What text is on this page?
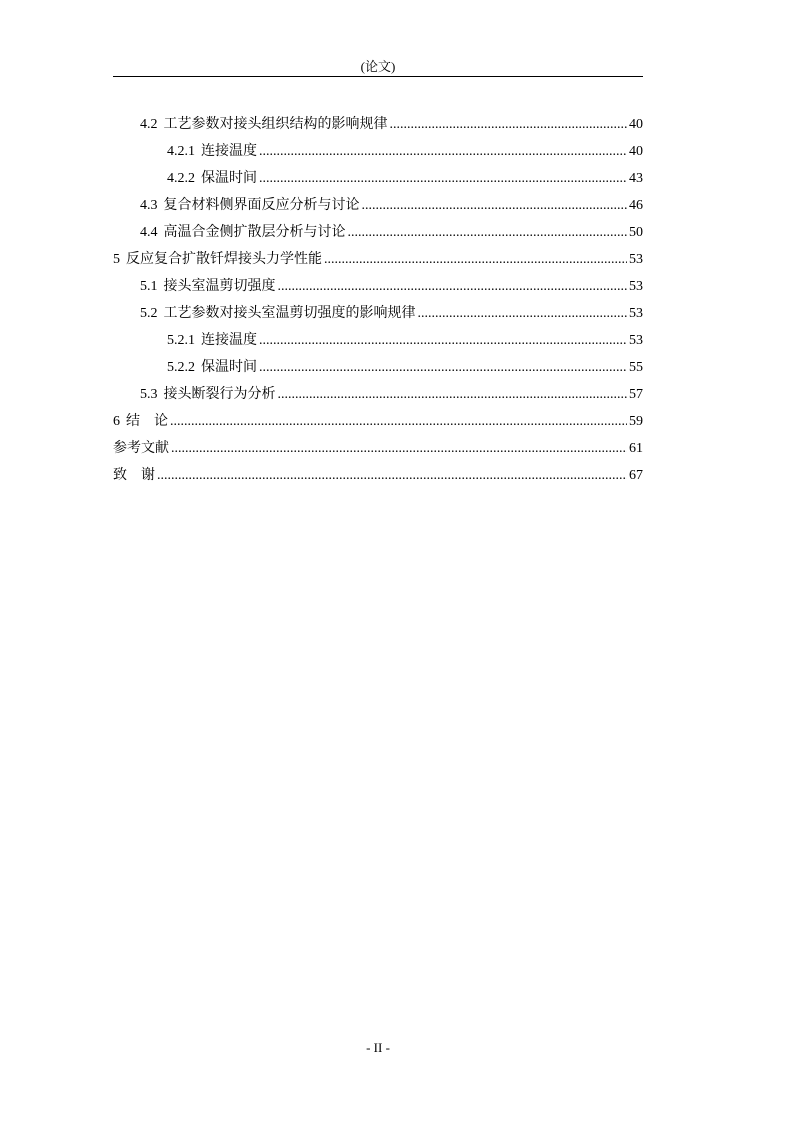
(论文)
4.2 工艺参数对接头组织结构的影响规律 .....	40
4.2.1 连接温度 .....	40
4.2.2 保温时间 .....	43
4.3 复合材料侧界面反应分析与讨论 .....	46
4.4 高温合金侧扩散层分析与讨论 .....	50
5 反应复合扩散钎焊接头力学性能 .....	53
5.1 接头室温剪切强度 .....	53
5.2 工艺参数对接头室温剪切强度的影响规律 .....	53
5.2.1 连接温度 .....	53
5.2.2 保温时间 .....	55
5.3 接头断裂行为分析 .....	57
6 结　论 .....	59
参考文献 .....	61
致　谢 .....	67
- II -
